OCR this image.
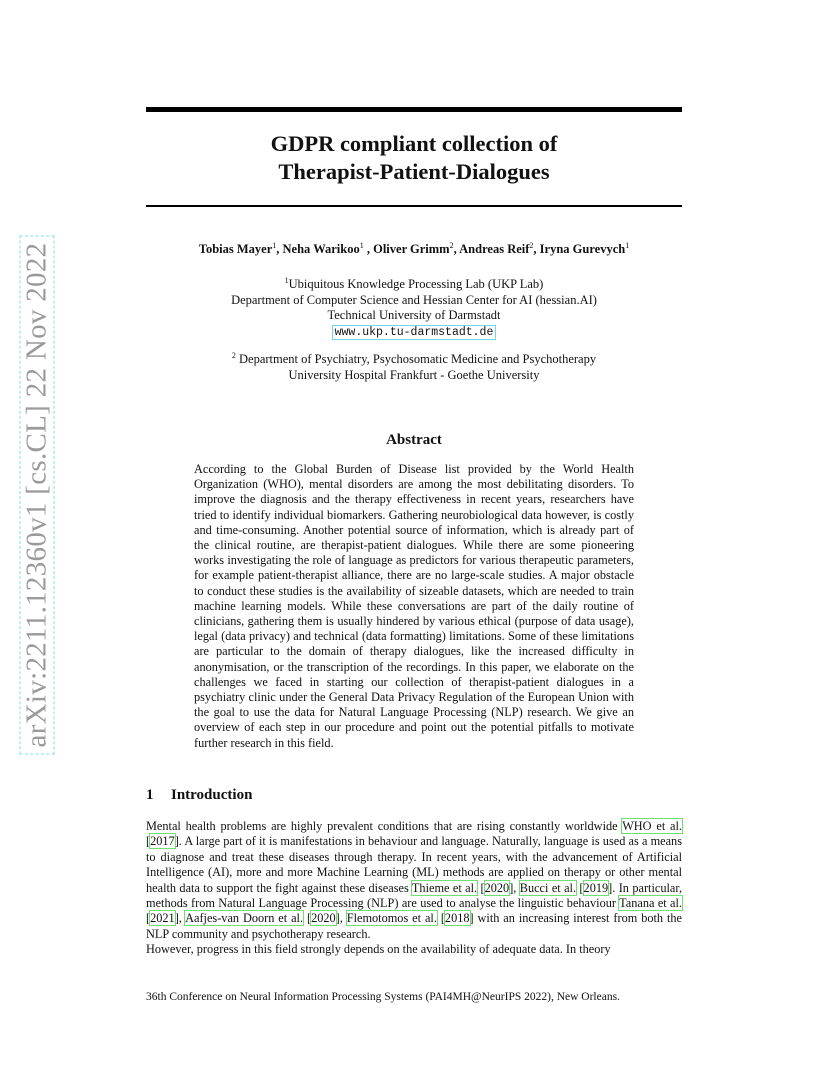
arXiv:2211.12360v1 [cs.CL] 22 Nov 2022
GDPR compliant collection of
Therapist-Patient-Dialogues
Tobias Mayer$^1$, Neha Warikoo$^1$ , Oliver Grimm$^2$, Andreas Reif$^2$, Iryna Gurevych$^1$
$^1$Ubiquitous Knowledge Processing Lab (UKP Lab)
Department of Computer Science and Hessian Center for AI (hessian.AI)
Technical University of Darmstadt
www.ukp.tu-darmstadt.de
$^2$ Department of Psychiatry, Psychosomatic Medicine and Psychotherapy
University Hospital Frankfurt - Goethe University
Abstract
According to the Global Burden of Disease list provided by the World Health Organization (WHO), mental disorders are among the most debilitating disorders. To improve the diagnosis and the therapy effectiveness in recent years, researchers have tried to identify individual biomarkers. Gathering neurobiological data however, is costly and time-consuming. Another potential source of information, which is already part of the clinical routine, are therapist-patient dialogues. While there are some pioneering works investigating the role of language as predictors for various therapeutic parameters, for example patient-therapist alliance, there are no large-scale studies. A major obstacle to conduct these studies is the availability of sizeable datasets, which are needed to train machine learning models. While these conversations are part of the daily routine of clinicians, gathering them is usually hindered by various ethical (purpose of data usage), legal (data privacy) and technical (data formatting) limitations. Some of these limitations are particular to the domain of therapy dialogues, like the increased difficulty in anonymisation, or the transcription of the recordings. In this paper, we elaborate on the challenges we faced in starting our collection of therapist-patient dialogues in a psychiatry clinic under the General Data Privacy Regulation of the European Union with the goal to use the data for Natural Language Processing (NLP) research. We give an overview of each step in our procedure and point out the potential pitfalls to motivate further research in this field.
1 Introduction

Mental health problems are highly prevalent conditions that are rising constantly worldwide WHO et al. [2017]. A large part of it is manifestations in behaviour and language. Naturally, language is used as a means to diagnose and treat these diseases through therapy. In recent years, with the advancement of Artificial Intelligence (AI), more and more Machine Learning (ML) methods are applied on therapy or other mental health data to support the fight against these diseases Thieme et al. [2020], Bucci et al. [2019]. In particular, methods from Natural Language Processing (NLP) are used to analyse the linguistic behaviour Tanana et al. [2021], Aafjes-van Doorn et al. [2020], Flemotomos et al. [2018] with an increasing interest from both the NLP community and psychotherapy research.

However, progress in this field strongly depends on the availability of adequate data. In theory

36th Conference on Neural Information Processing Systems (PAI4MH@NeurIPS 2022), New Orleans.
